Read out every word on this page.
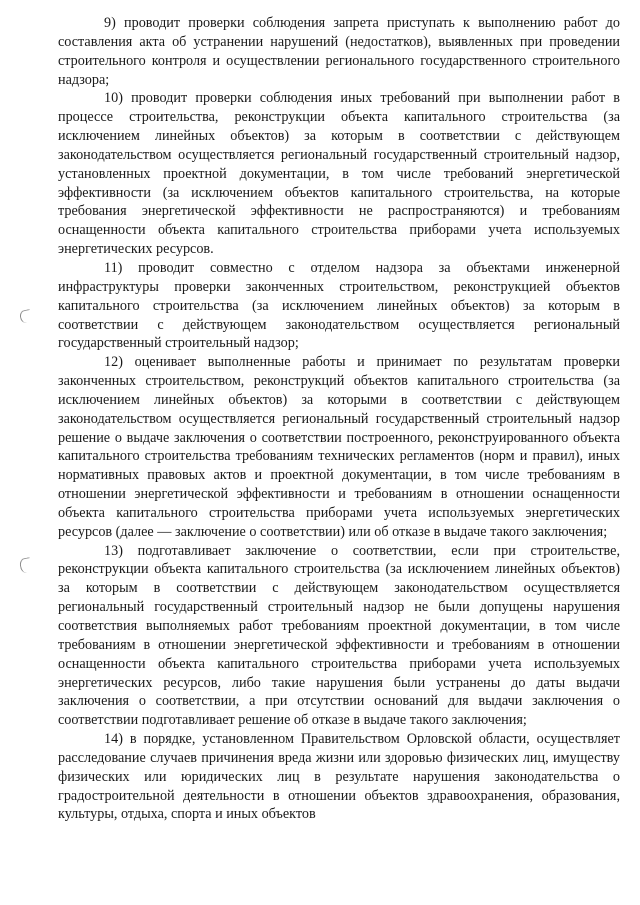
9) проводит проверки соблюдения запрета приступать к выполнению работ до составления акта об устранении нарушений (недостатков), выявленных при проведении строительного контроля и осуществлении регионального государственного строительного надзора;

10) проводит проверки соблюдения иных требований при выполнении работ в процессе строительства, реконструкции объекта капитального строительства (за исключением линейных объектов) за которым в соответствии с действующем законодательством осуществляется региональный государственный строительный надзор, установленных проектной документации, в том числе требований энергетической эффективности (за исключением объектов капитального строительства, на которые требования энергетической эффективности не распространяются) и требованиям оснащенности объекта капитального строительства приборами учета используемых энергетических ресурсов.

11) проводит совместно с отделом надзора за объектами инженерной инфраструктуры проверки законченных строительством, реконструкцией объектов капитального строительства (за исключением линейных объектов) за которым в соответствии с действующем законодательством осуществляется региональный государственный строительный надзор;

12) оценивает выполненные работы и принимает по результатам проверки законченных строительством, реконструкций объектов капитального строительства (за исключением линейных объектов) за которыми в соответствии с действующем законодательством осуществляется региональный государственный строительный надзор решение о выдаче заключения о соответствии построенного, реконструированного объекта капитального строительства требованиям технических регламентов (норм и правил), иных нормативных правовых актов и проектной документации, в том числе требованиям в отношении энергетической эффективности и требованиям в отношении оснащенности объекта капитального строительства приборами учета используемых энергетических ресурсов (далее — заключение о соответствии) или об отказе в выдаче такого заключения;

13) подготавливает заключение о соответствии, если при строительстве, реконструкции объекта капитального строительства (за исключением линейных объектов) за которым в соответствии с действующем законодательством осуществляется региональный государственный строительный надзор не были допущены нарушения соответствия выполняемых работ требованиям проектной документации, в том числе требованиям в отношении энергетической эффективности и требованиям в отношении оснащенности объекта капитального строительства приборами учета используемых энергетических ресурсов, либо такие нарушения были устранены до даты выдачи заключения о соответствии, а при отсутствии оснований для выдачи заключения о соответствии подготавливает решение об отказе в выдаче такого заключения;

14) в порядке, установленном Правительством Орловской области, осуществляет расследование случаев причинения вреда жизни или здоровью физических лиц, имуществу физических или юридических лиц в результате нарушения законодательства о градостроительной деятельности в отношении объектов здравоохранения, образования, культуры, отдыха, спорта и иных объектов
